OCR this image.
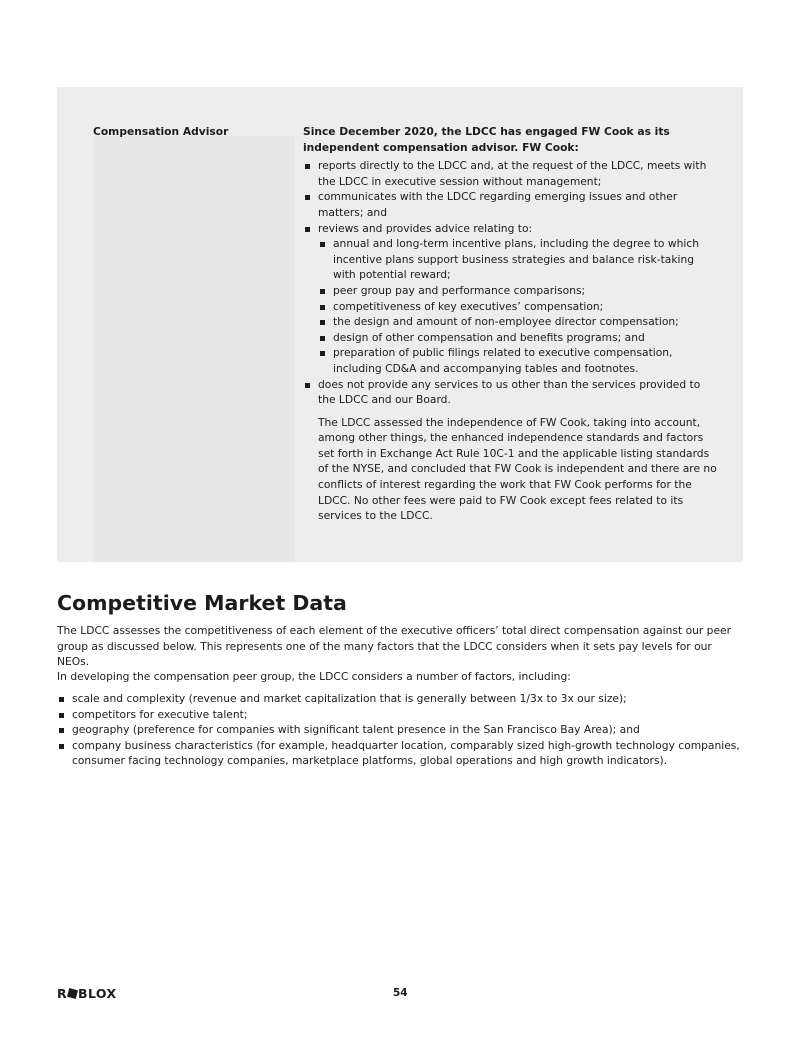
Compensation Advisor	Since December 2020, the LDCC has engaged FW Cook as its independent compensation advisor. FW Cook:

reports directly to the LDCC and, at the request of the LDCC, meets with the LDCC in executive session without management;
communicates with the LDCC regarding emerging issues and other matters; and
reviews and provides advice relating to:
annual and long-term incentive plans, including the degree to which incentive plans support business strategies and balance risk-taking with potential reward;
peer group pay and performance comparisons;
competitiveness of key executives’ compensation;
the design and amount of non-employee director compensation;
design of other compensation and benefits programs; and
preparation of public filings related to executive compensation, including CD&A and accompanying tables and footnotes.
does not provide any services to us other than the services provided to the LDCC and our Board.

The LDCC assessed the independence of FW Cook, taking into account, among other things, the enhanced independence standards and factors set forth in Exchange Act Rule 10C-1 and the applicable listing standards of the NYSE, and concluded that FW Cook is independent and there are no conflicts of interest regarding the work that FW Cook performs for the LDCC. No other fees were paid to FW Cook except fees related to its services to the LDCC.

Competitive Market Data

The LDCC assesses the competitiveness of each element of the executive officers’ total direct compensation against our peer group as discussed below. This represents one of the many factors that the LDCC considers when it sets pay levels for our NEOs.

In developing the compensation peer group, the LDCC considers a number of factors, including:

scale and complexity (revenue and market capitalization that is generally between 1/3x to 3x our size);
competitors for executive talent;
geography (preference for companies with significant talent presence in the San Francisco Bay Area); and
company business characteristics (for example, headquarter location, comparably sized high-growth technology companies, consumer facing technology companies, marketplace platforms, global operations and high growth indicators).
R BLOX	54
